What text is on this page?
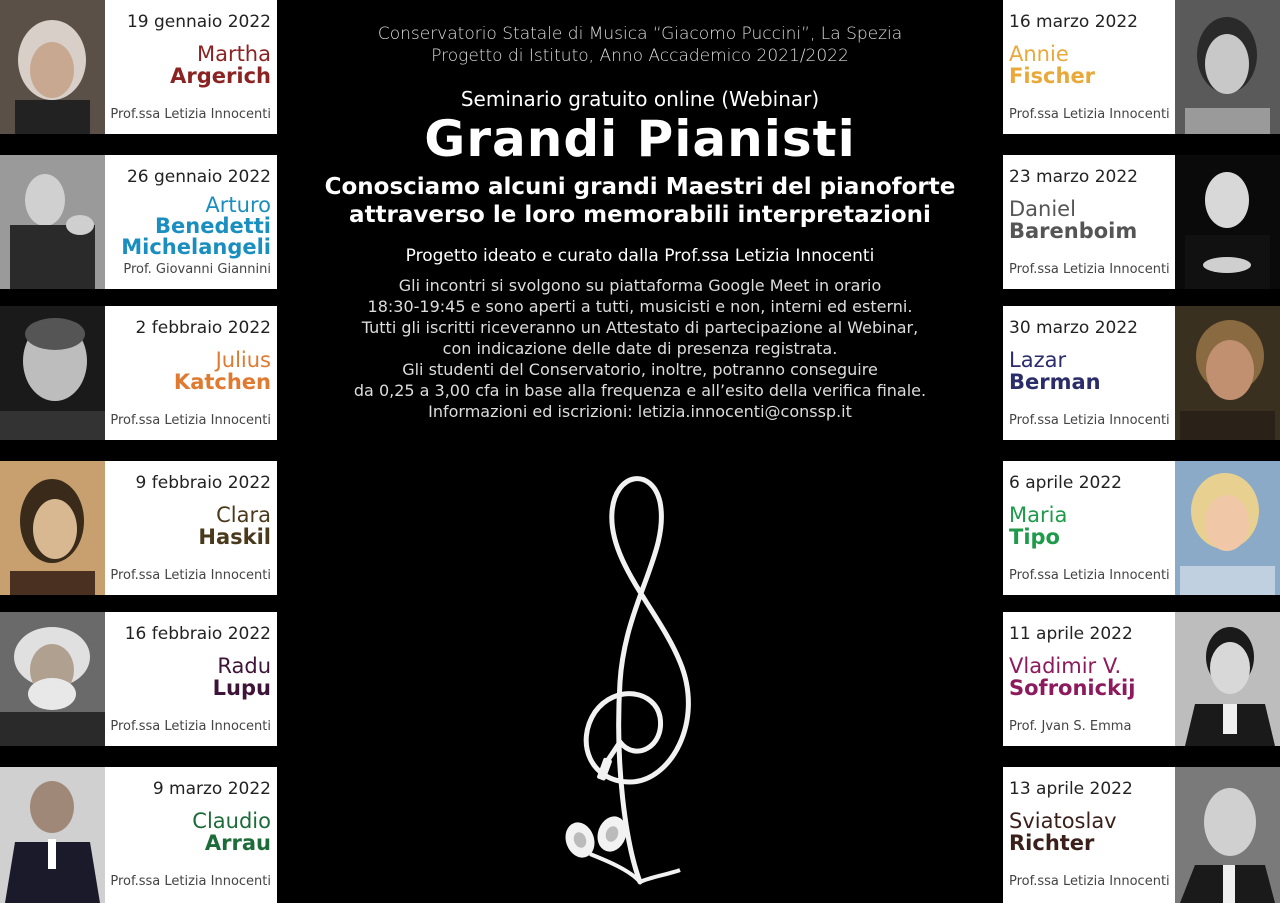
19 gennaio 2022
Martha
Argerich
Prof.ssa Letizia Innocenti
26 gennaio 2022
Arturo
Benedetti
Michelangeli
Prof. Giovanni Giannini
2 febbraio 2022
Julius
Katchen
Prof.ssa Letizia Innocenti
9 febbraio 2022
Clara
Haskil
Prof.ssa Letizia Innocenti
16 febbraio 2022
Radu
Lupu
Prof.ssa Letizia Innocenti
9 marzo 2022
Claudio
Arrau
Prof.ssa Letizia Innocenti
16 marzo 2022
Annie
Fischer
Prof.ssa Letizia Innocenti
23 marzo 2022
Daniel
Barenboim
Prof.ssa Letizia Innocenti
30 marzo 2022
Lazar
Berman
Prof.ssa Letizia Innocenti
6 aprile 2022
Maria
Tipo
Prof.ssa Letizia Innocenti
11 aprile 2022
Vladimir V.
Sofronickij
Prof. Jvan S. Emma
13 aprile 2022
Sviatoslav
Richter
Prof.ssa Letizia Innocenti
Conservatorio Statale di Musica “Giacomo Puccini”, La Spezia
Progetto di Istituto, Anno Accademico 2021/2022
Seminario gratuito online (Webinar)
Grandi Pianisti
Conosciamo alcuni grandi Maestri del pianoforte
attraverso le loro memorabili interpretazioni
Progetto ideato e curato dalla Prof.ssa Letizia Innocenti
Gli incontri si svolgono su piattaforma Google Meet in orario
18:30-19:45 e sono aperti a tutti, musicisti e non, interni ed esterni.
Tutti gli iscritti riceveranno un Attestato di partecipazione al Webinar,
con indicazione delle date di presenza registrata.
Gli studenti del Conservatorio, inoltre, potranno conseguire
da 0,25 a 3,00 cfa in base alla frequenza e all’esito della verifica finale.
Informazioni ed iscrizioni: letizia.innocenti@conssp.it
